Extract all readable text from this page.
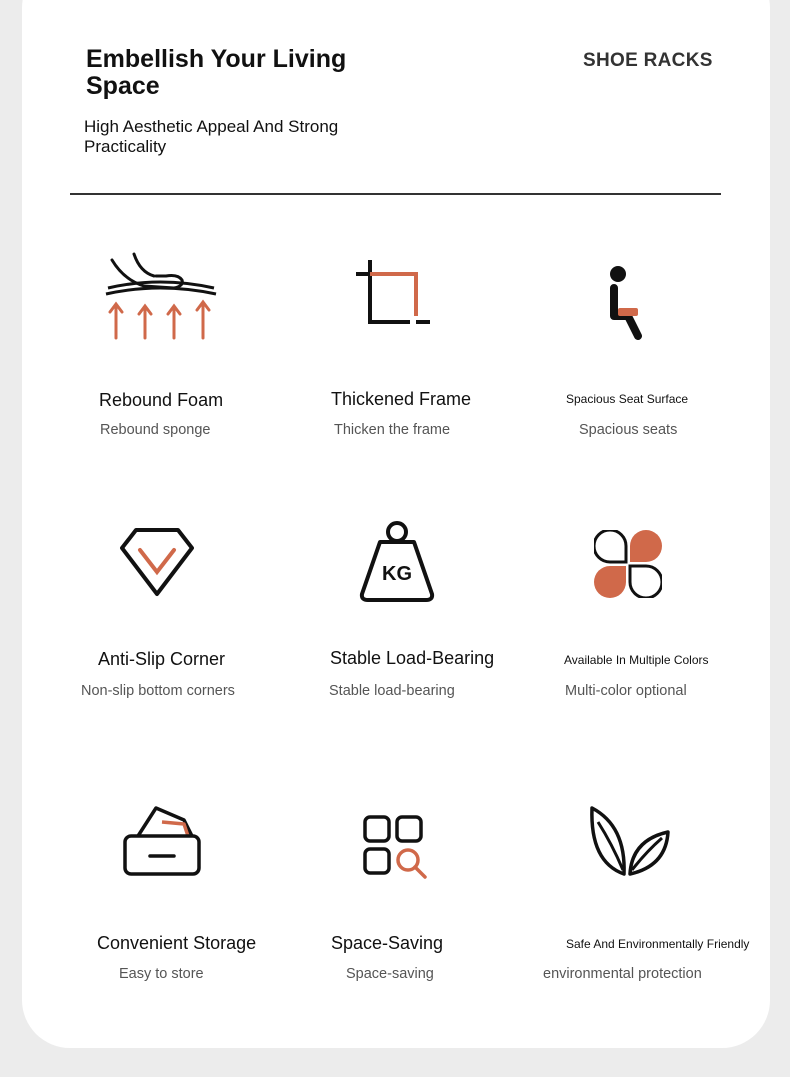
Embellish Your Living Space
High Aesthetic Appeal And Strong Practicality
SHOE RACKS
Rebound Foam
Rebound sponge
Thickened Frame
Thicken the frame
Spacious Seat Surface
Spacious seats
Anti-Slip Corner
Non-slip bottom corners
KG
Stable Load-Bearing
Stable load-bearing
Available In Multiple Colors
Multi-color optional
Convenient Storage
Easy to store
Space-Saving
Space-saving
Safe And Environmentally Friendly
environmental protection
